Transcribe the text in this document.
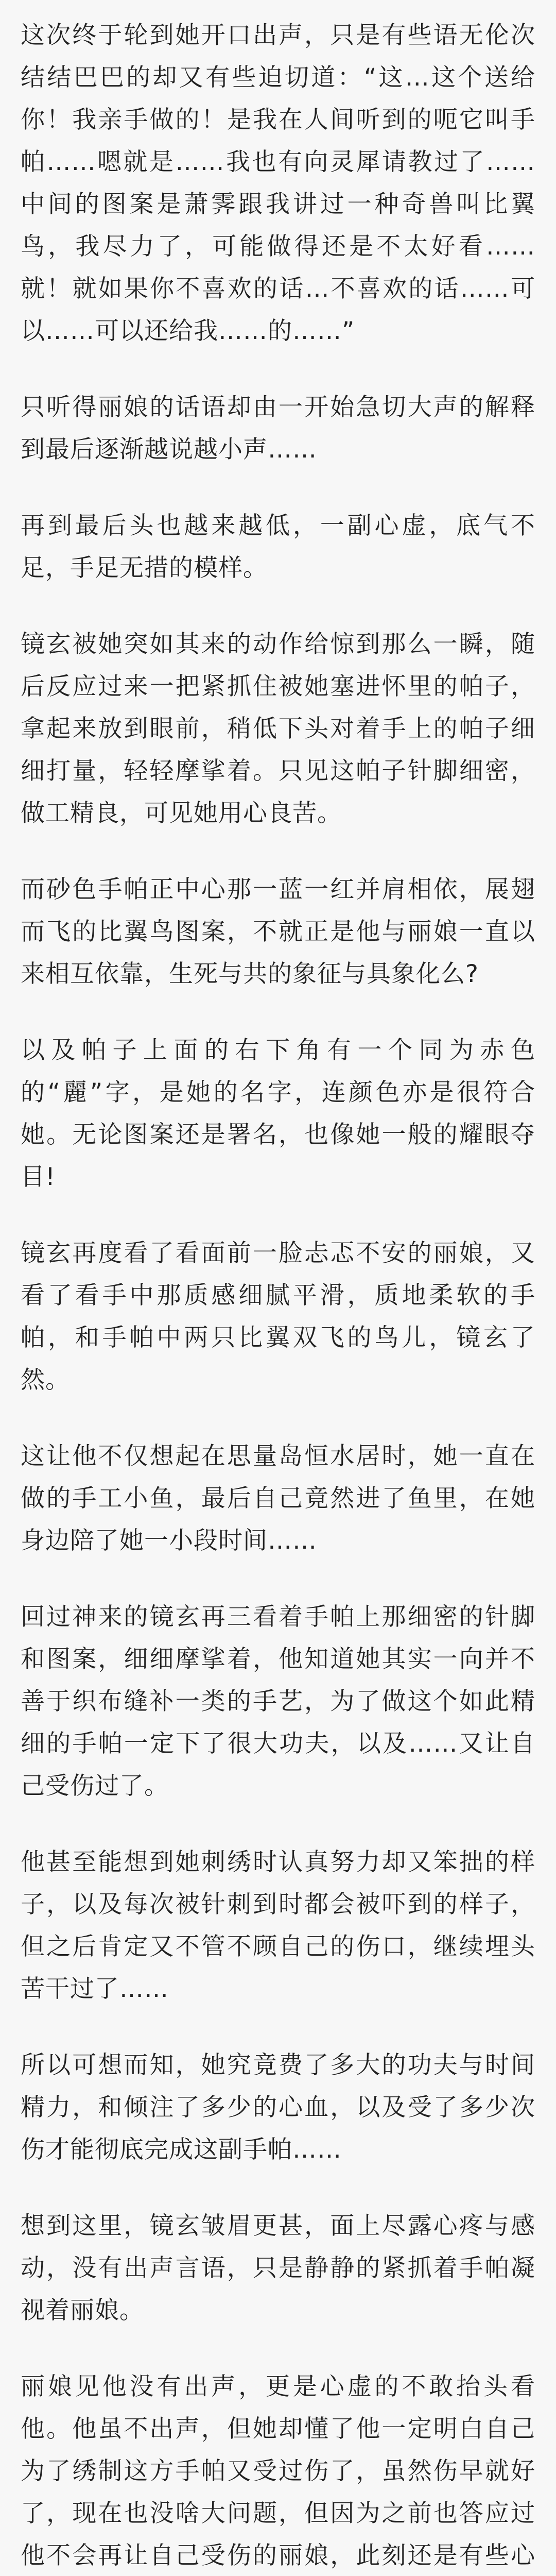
这次终于轮到她开口出声，只是有些语无伦次结结巴巴的却又有些迫切道：“这…这个送给你！我亲手做的！是我在人间听到的呃它叫手帕……嗯就是……我也有向灵犀请教过了……中间的图案是萧霁跟我讲过一种奇兽叫比翼鸟，我尽力了，可能做得还是不太好看……就！就如果你不喜欢的话…不喜欢的话……可以……可以还给我……的……”

只听得丽娘的话语却由一开始急切大声的解释到最后逐渐越说越小声……

再到最后头也越来越低，一副心虚，底气不足，手足无措的模样。

镜玄被她突如其来的动作给惊到那么一瞬，随后反应过来一把紧抓住被她塞进怀里的帕子，拿起来放到眼前，稍低下头对着手上的帕子细细打量，轻轻摩挲着。只见这帕子针脚细密，做工精良，可见她用心良苦。

而砂色手帕正中心那一蓝一红并肩相依，展翅而飞的比翼鸟图案，不就正是他与丽娘一直以来相互依靠，生死与共的象征与具象化么?

以及帕子上面的右下角有一个同为赤色的“麗”字，是她的名字，连颜色亦是很符合她。无论图案还是署名，也像她一般的耀眼夺目!

镜玄再度看了看面前一脸忐忑不安的丽娘，又看了看手中那质感细腻平滑，质地柔软的手帕，和手帕中两只比翼双飞的鸟儿，镜玄了然。

这让他不仅想起在思量岛恒水居时，她一直在做的手工小鱼，最后自己竟然进了鱼里，在她身边陪了她一小段时间……

回过神来的镜玄再三看着手帕上那细密的针脚和图案，细细摩挲着，他知道她其实一向并不善于织布缝补一类的手艺，为了做这个如此精细的手帕一定下了很大功夫，以及……又让自己受伤过了。

他甚至能想到她刺绣时认真努力却又笨拙的样子，以及每次被针刺到时都会被吓到的样子，但之后肯定又不管不顾自己的伤口，继续埋头苦干过了……

所以可想而知，她究竟费了多大的功夫与时间精力，和倾注了多少的心血，以及受了多少次伤才能彻底完成这副手帕……

想到这里，镜玄皱眉更甚，面上尽露心疼与感动，没有出声言语，只是静静的紧抓着手帕凝视着丽娘。

丽娘见他没有出声，更是心虚的不敢抬头看他。他虽不出声，但她却懂了他一定明白自己为了绣制这方手帕又受过伤了，虽然伤早就好了，现在也没啥大问题，但因为之前也答应过他不会再让自己受伤的丽娘，此刻还是有些心
